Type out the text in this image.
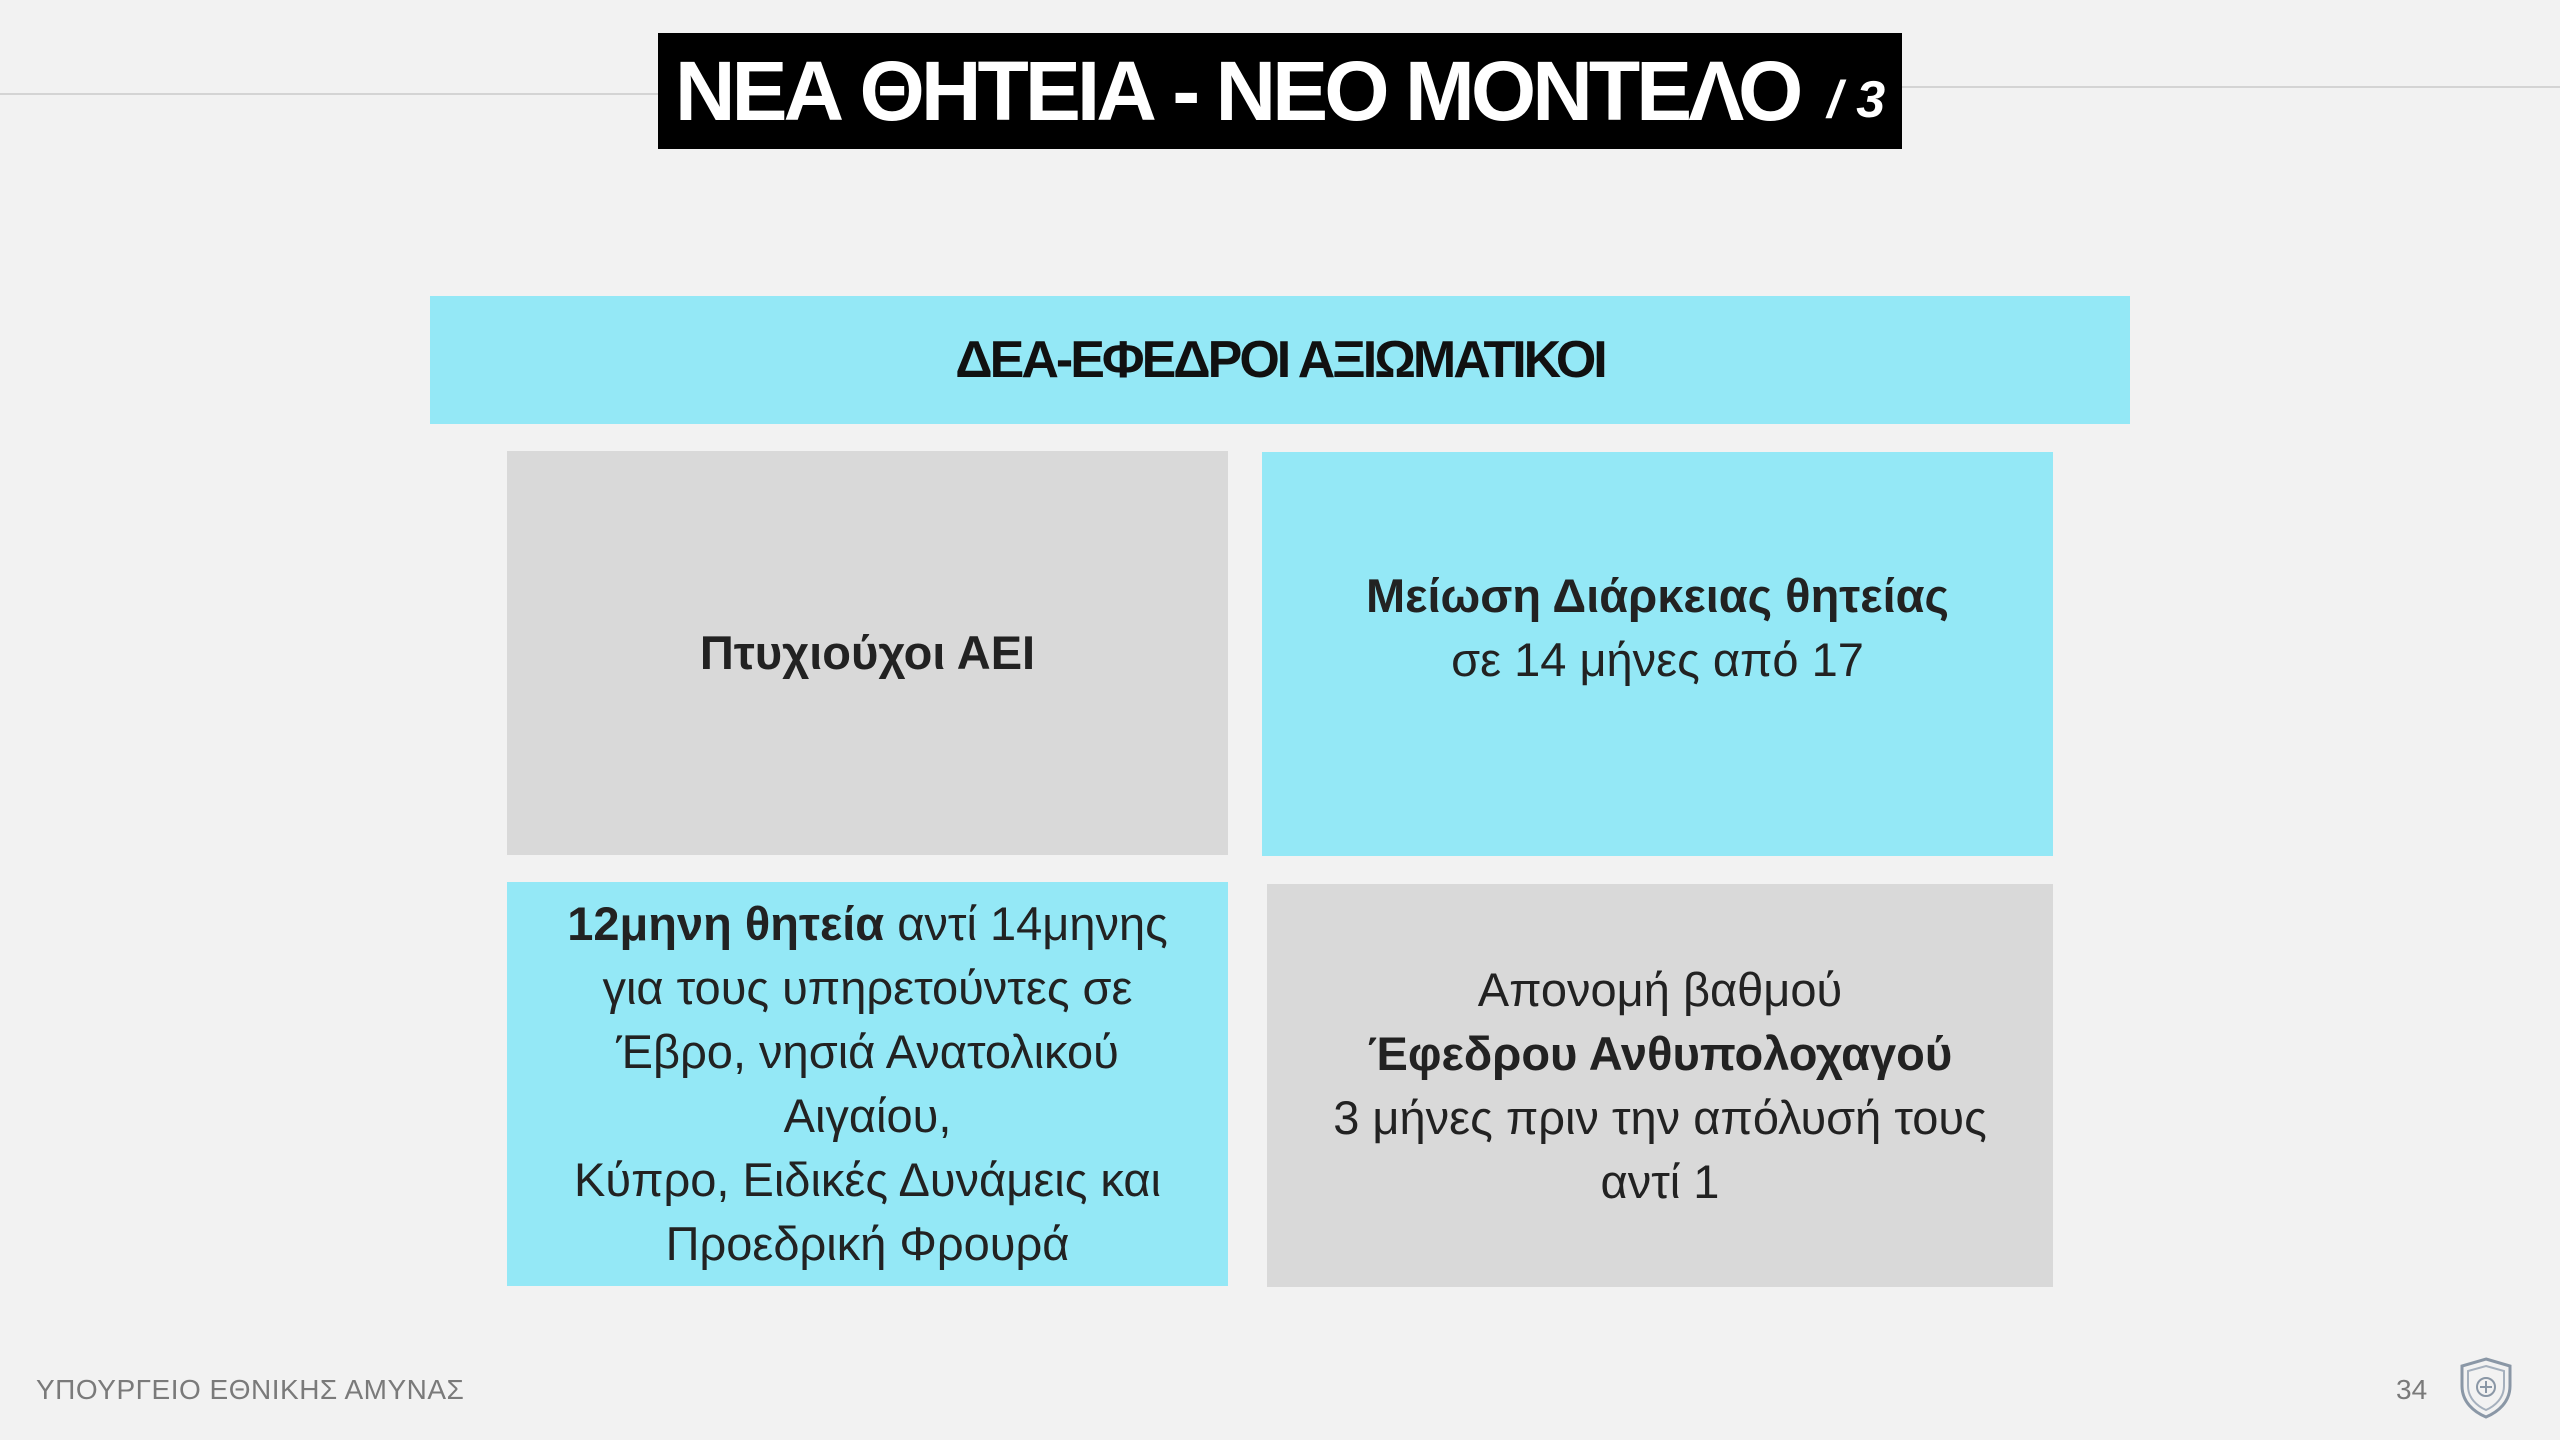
ΝΕΑ ΘΗΤΕΙΑ - ΝΕΟ ΜΟΝΤΕΛΟ / 3
ΔΕΑ-ΕΦΕΔΡΟΙ ΑΞΙΩΜΑΤΙΚΟΙ
Πτυχιούχοι ΑΕΙ
Μείωση Διάρκειας θητείας
σε 14 μήνες από 17
12μηνη θητεία αντί 14μηνης
για τους υπηρετούντες σε
Έβρο, νησιά Ανατολικού
Αιγαίου,
Κύπρο, Ειδικές Δυνάμεις και
Προεδρική Φρουρά
Απονομή βαθμού
Έφεδρου Ανθυπολοχαγού
3 μήνες πριν την απόλυσή τους
αντί 1
ΥΠΟΥΡΓΕΙΟ ΕΘΝΙΚΗΣ ΑΜΥΝΑΣ	34
